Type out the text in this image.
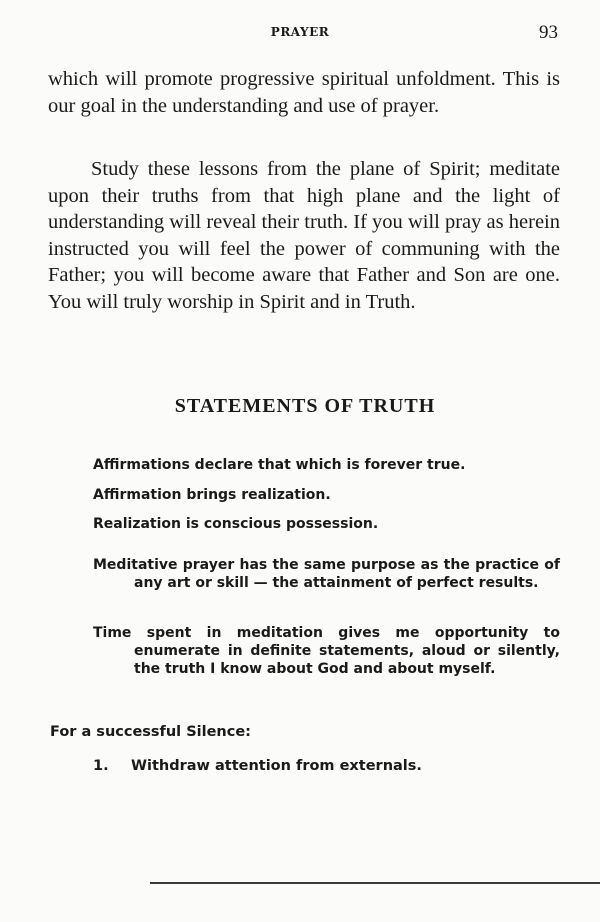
PRAYER	93

which will promote progressive spiritual unfoldment. This is our goal in the understanding and use of prayer.

Study these lessons from the plane of Spirit; meditate upon their truths from that high plane and the light of understanding will reveal their truth. If you will pray as herein instructed you will feel the power of communing with the Father; you will become aware that Father and Son are one. You will truly worship in Spirit and in Truth.

STATEMENTS OF TRUTH

Affirmations declare that which is forever true.

Affirmation brings realization.

Realization is conscious possession.

Meditative prayer has the same purpose as the practice of any art or skill — the attainment of perfect results.

Time spent in meditation gives me opportunity to enumerate in definite statements, aloud or silently, the truth I know about God and about myself.

For a successful Silence:

1. Withdraw attention from externals.
